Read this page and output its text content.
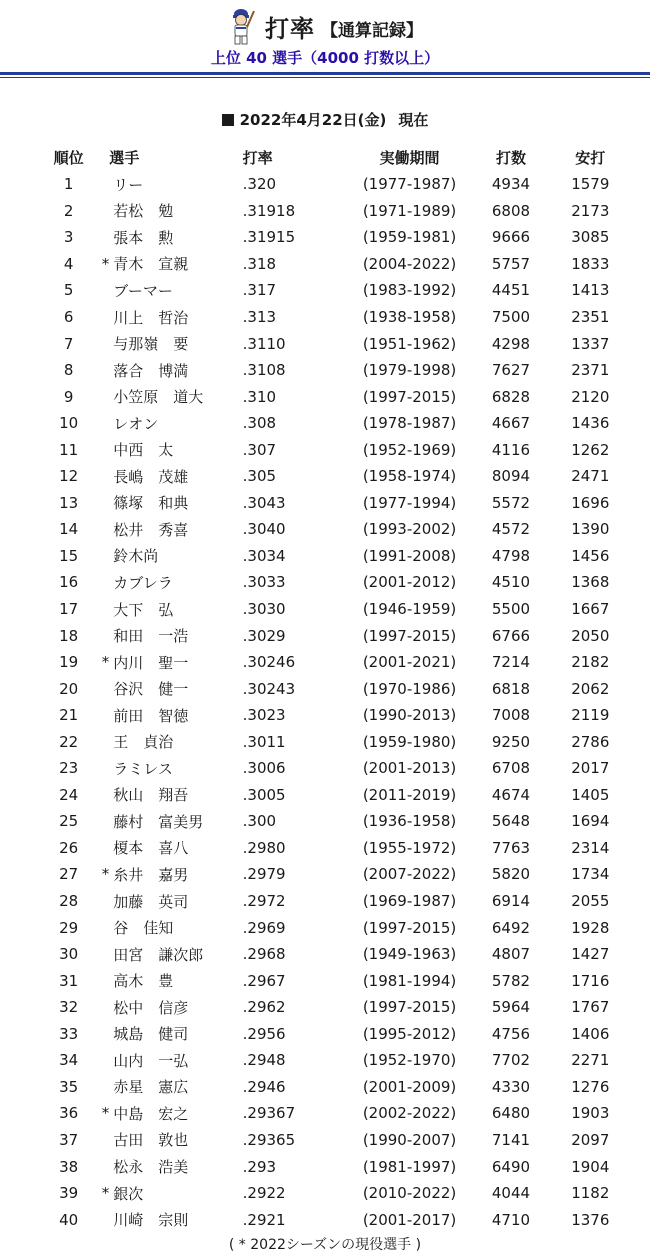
打率 【通算記録】
上位 40 選手（4000 打数以上）
2022年4月22日(金) 現在
順位		選手	打率	実働期間	打数	安打
1		リー	.320	(1977-1987)	4934	1579
2		若松　勉	.31918	(1971-1989)	6808	2173
3		張本　勲	.31915	(1959-1981)	9666	3085
4	*	青木　宣親	.318	(2004-2022)	5757	1833
5		ブーマー	.317	(1983-1992)	4451	1413
6		川上　哲治	.313	(1938-1958)	7500	2351
7		与那嶺　要	.3110	(1951-1962)	4298	1337
8		落合　博満	.3108	(1979-1998)	7627	2371
9		小笠原　道大	.310	(1997-2015)	6828	2120
10		レオン	.308	(1978-1987)	4667	1436
11		中西　太	.307	(1952-1969)	4116	1262
12		長嶋　茂雄	.305	(1958-1974)	8094	2471
13		篠塚　和典	.3043	(1977-1994)	5572	1696
14		松井　秀喜	.3040	(1993-2002)	4572	1390
15		鈴木尚	.3034	(1991-2008)	4798	1456
16		カブレラ	.3033	(2001-2012)	4510	1368
17		大下　弘	.3030	(1946-1959)	5500	1667
18		和田　一浩	.3029	(1997-2015)	6766	2050
19	*	内川　聖一	.30246	(2001-2021)	7214	2182
20		谷沢　健一	.30243	(1970-1986)	6818	2062
21		前田　智徳	.3023	(1990-2013)	7008	2119
22		王　貞治	.3011	(1959-1980)	9250	2786
23		ラミレス	.3006	(2001-2013)	6708	2017
24		秋山　翔吾	.3005	(2011-2019)	4674	1405
25		藤村　富美男	.300	(1936-1958)	5648	1694
26		榎本　喜八	.2980	(1955-1972)	7763	2314
27	*	糸井　嘉男	.2979	(2007-2022)	5820	1734
28		加藤　英司	.2972	(1969-1987)	6914	2055
29		谷　佳知	.2969	(1997-2015)	6492	1928
30		田宮　謙次郎	.2968	(1949-1963)	4807	1427
31		高木　豊	.2967	(1981-1994)	5782	1716
32		松中　信彦	.2962	(1997-2015)	5964	1767
33		城島　健司	.2956	(1995-2012)	4756	1406
34		山内　一弘	.2948	(1952-1970)	7702	2271
35		赤星　憲広	.2946	(2001-2009)	4330	1276
36	*	中島　宏之	.29367	(2002-2022)	6480	1903
37		古田　敦也	.29365	(1990-2007)	7141	2097
38		松永　浩美	.293	(1981-1997)	6490	1904
39	*	銀次	.2922	(2010-2022)	4044	1182
40		川崎　宗則	.2921	(2001-2017)	4710	1376
( * 2022シーズンの現役選手 )
